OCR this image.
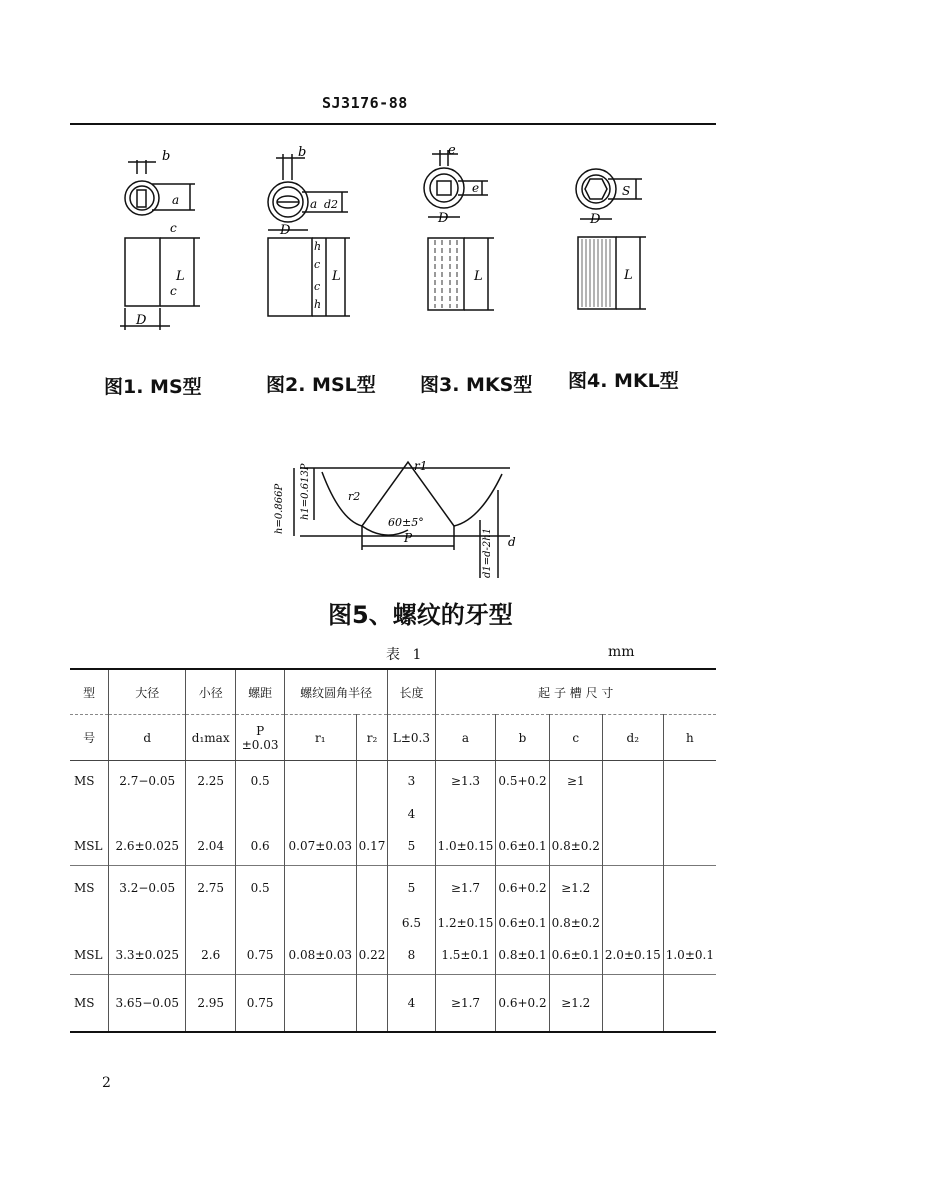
SJ3176-88
b
a
c
L
c
D
b
a d2
D
h
c
L
c
h
e
e
D
L
S
D
L
图1. MS型	图2. MSL型 图3. MKS型 图4. MKL型
h=0.866P h1=0.613P	r1
r2
60±5°
P	d1=d-2h1 d
图5、螺纹的牙型
表 1	mm
型	大径	小径	螺距	螺纹圆角半径		长度	起 子 槽 尺 寸				
号	d	d₁max	P ±0.03	r₁	r₂	L±0.3	a	b	c	d₂	h
MS	2.7−0.05	2.25	0.5			3	≥1.3	0.5+0.2	≥1		
						4					
MSL	2.6±0.025	2.04	0.6	0.07±0.03	0.17	5	1.0±0.15	0.6±0.1	0.8±0.2		
MS	3.2−0.05	2.75	0.5			5	≥1.7	0.6+0.2	≥1.2		
						6.5	1.2±0.15	0.6±0.1	0.8±0.2		
MSL	3.3±0.025	2.6	0.75	0.08±0.03	0.22	8	1.5±0.1	0.8±0.1	0.6±0.1	2.0±0.15	1.0±0.1
MS	3.65−0.05	2.95	0.75			4	≥1.7	0.6+0.2	≥1.2		
2
